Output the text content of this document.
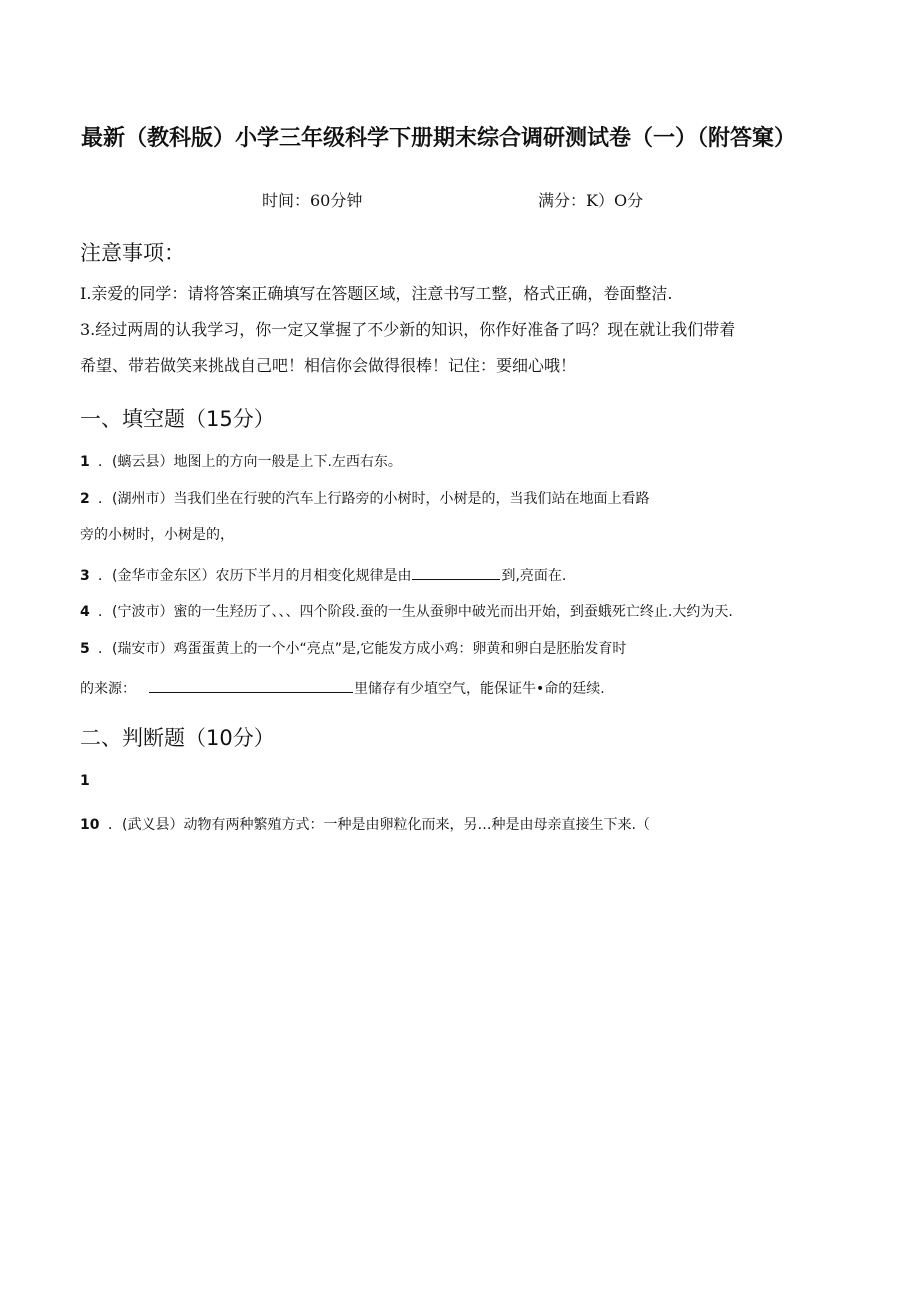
最新（教科版）小学三年级科学下册期末综合调研测试卷（一）（附答窠）
时间：60分钟	满分：K）O分
注意事项：
I.亲爱的同学：请将答案正确填写在答题区域，注意书写工整，格式正确，卷面整洁.
3.经过两周的认我学习，你一定又掌握了不少新的知识，你作好准备了吗？现在就让我们带着
希望、带若做笑来挑战自己吧！相信你会做得很棒！记住：要细心哦！
一、填空题（15分）
1 ．(螭云县）地图上的方向一般是上下.左西右东。
2 ．(湖州市）当我们坐在行驶的汽车上行路旁的小树时，小树是的，当我们站在地面上看路
旁的小树时，小树是的，
3 ．(金华市金东区）农历下半月的月相变化规律是由	到,亮面在.
4 ．(宁波市）蜜的一生羟历了、、、四个阶段.蚕的一生从蚕卵中破光而出开始，到蚕蛾死亡终止.大约为天.
5 ．(瑞安市）鸡蛋蛋黄上的一个小“亮点”是,它能发方成小鸡：卵黄和卵白是胚胎发育时
的来源：	里储存有少埴空气，能保证牛•命的廷续.
二、判断题（10分）
1
10 ．(武义县）动物有两种繁殖方式：一种是由卵粒化而来，另…种是由母亲直接生下来.（
